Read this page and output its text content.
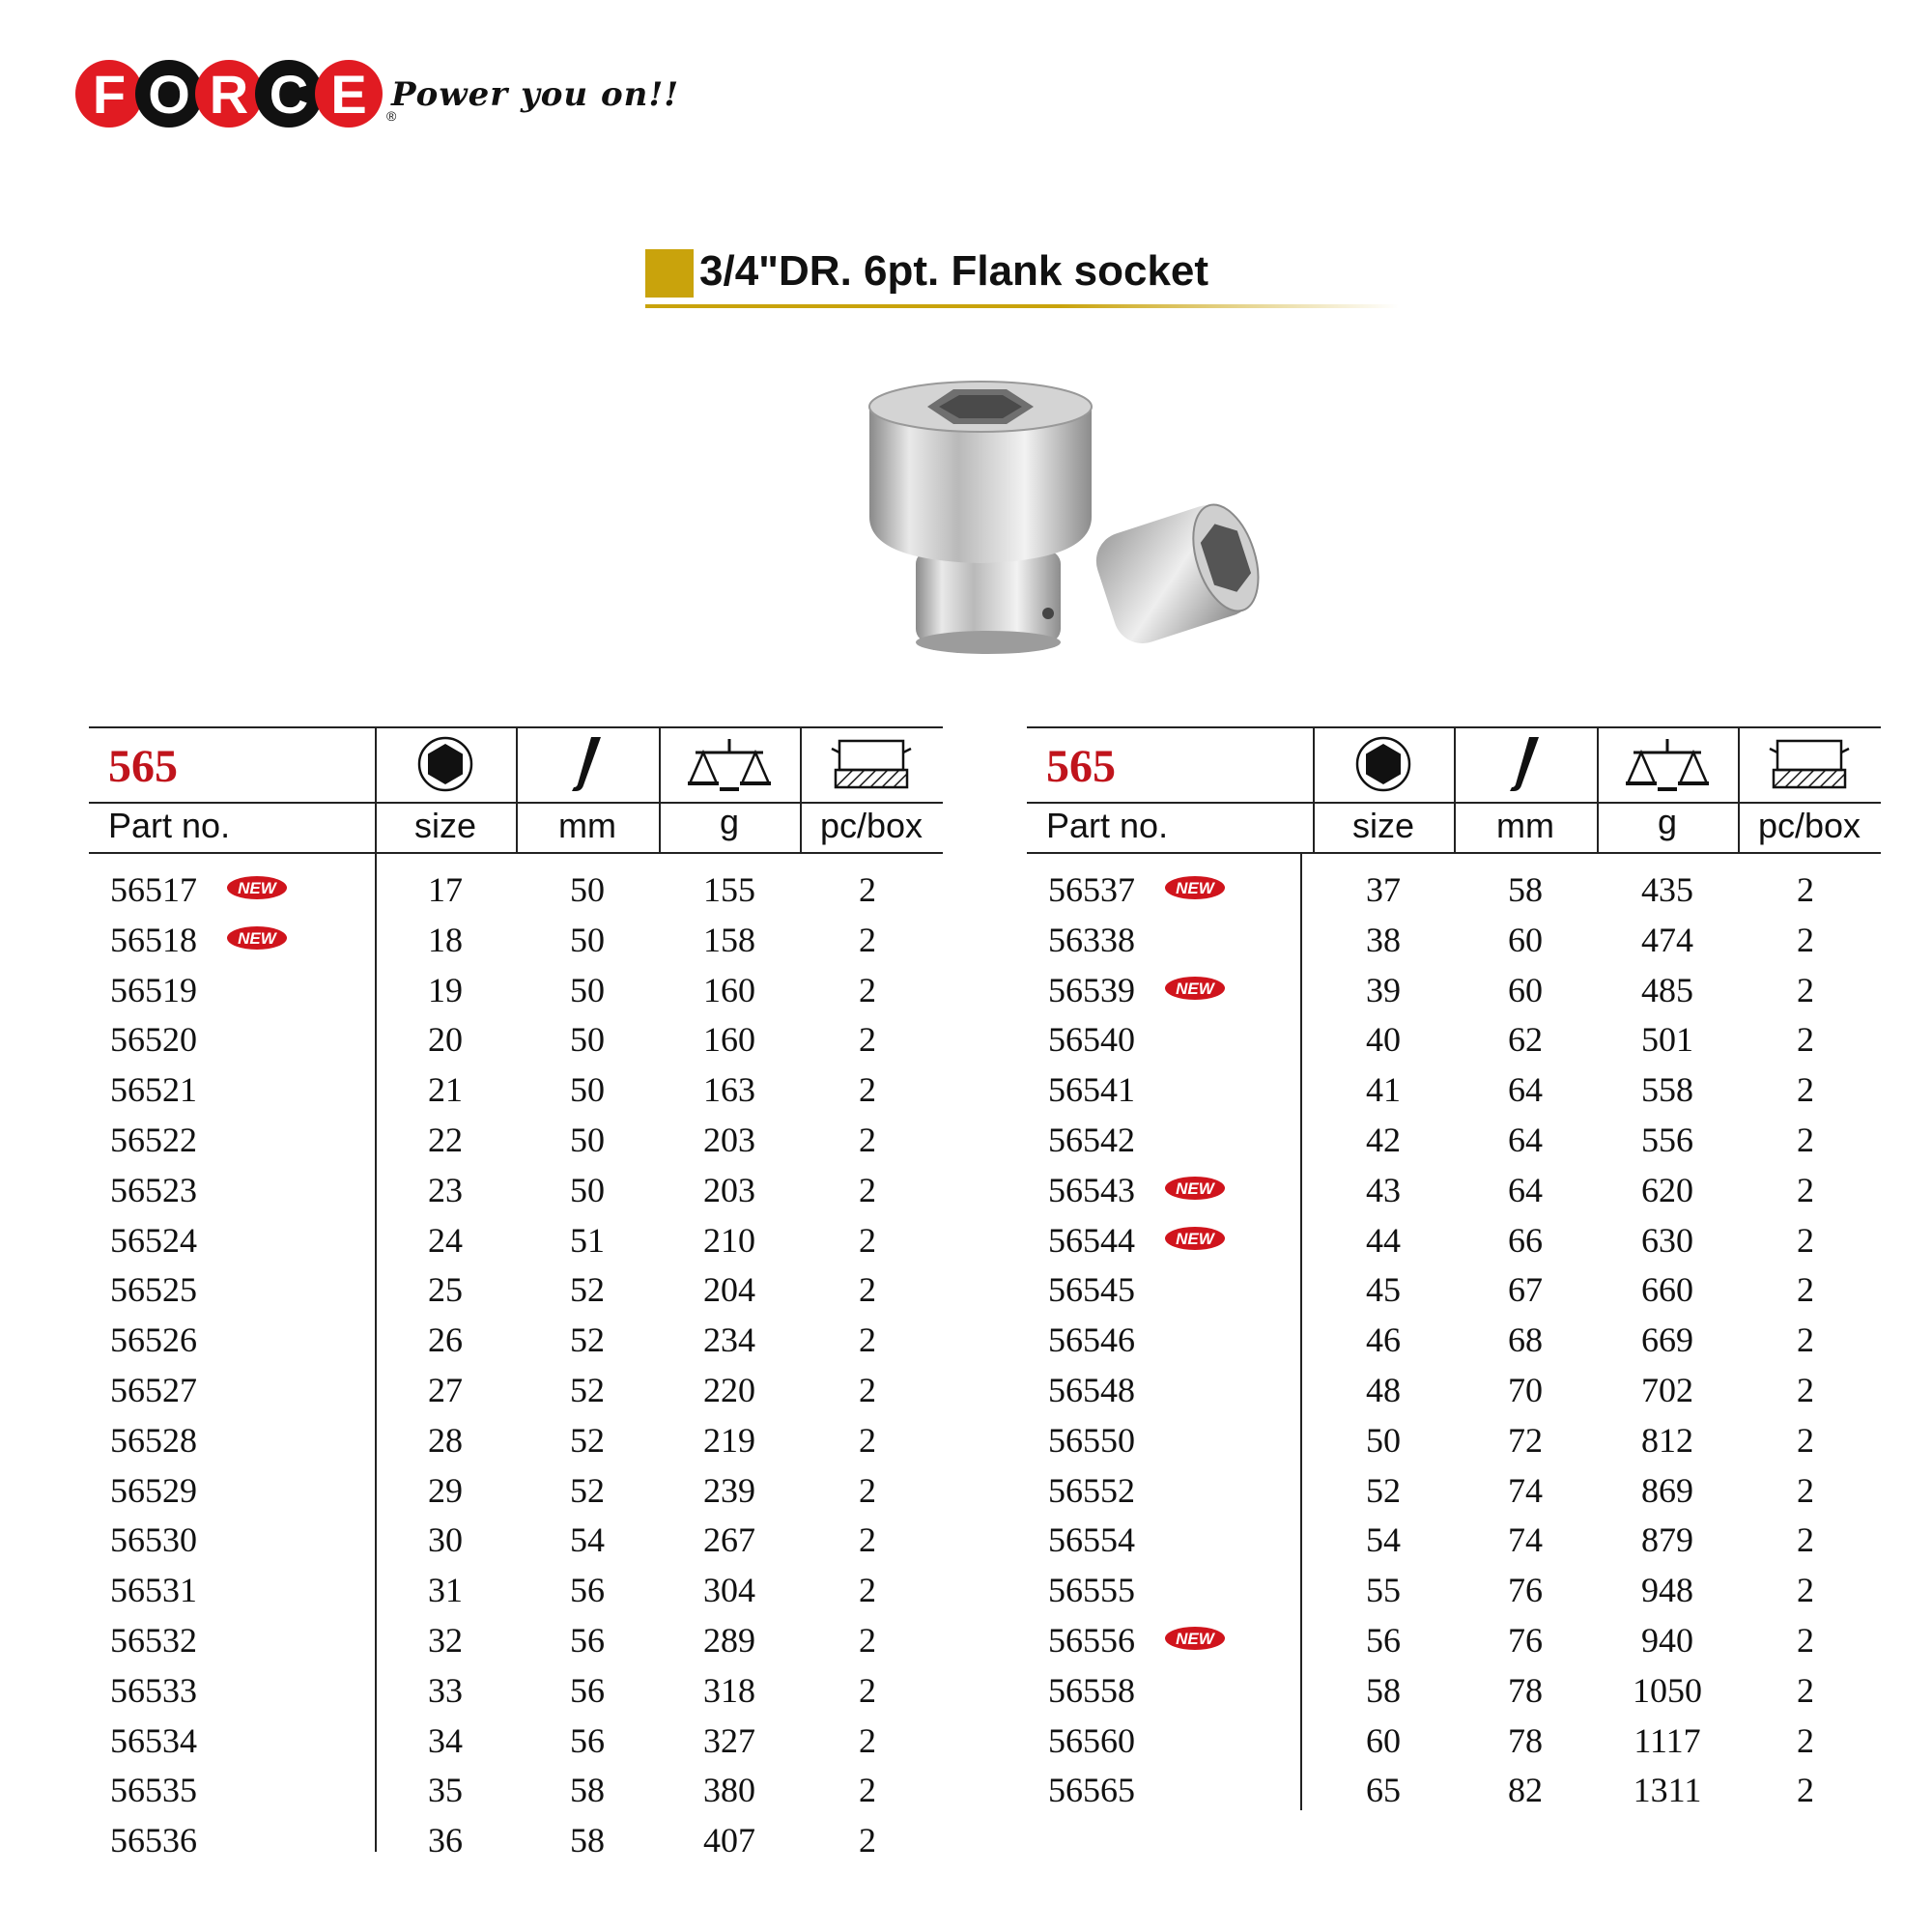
F O R C E	®
Power you on!!
3/4"DR. 6pt. Flank socket
565
Part no.	size	mm	g	pc/box
56517 NEW	17	50	155	2
56518 NEW	18	50	158	2
56519	19	50	160	2
56520	20	50	160	2
56521	21	50	163	2
56522	22	50	203	2
56523	23	50	203	2
56524	24	51	210	2
56525	25	52	204	2
56526	26	52	234	2
56527	27	52	220	2
56528	28	52	219	2
56529	29	52	239	2
56530	30	54	267	2
56531	31	56	304	2
56532	32	56	289	2
56533	33	56	318	2
56534	34	56	327	2
56535	35	58	380	2
56536	36	58	407	2
565
Part no.	size	mm	g	pc/box
56537 NEW	37	58	435	2
56338	38	60	474	2
56539 NEW	39	60	485	2
56540	40	62	501	2
56541	41	64	558	2
56542	42	64	556	2
56543 NEW	43	64	620	2
56544 NEW	44	66	630	2
56545	45	67	660	2
56546	46	68	669	2
56548	48	70	702	2
56550	50	72	812	2
56552	52	74	869	2
56554	54	74	879	2
56555	55	76	948	2
56556 NEW	56	76	940	2
56558	58	78	1050	2
56560	60	78	1117	2
56565	65	82	1311	2
